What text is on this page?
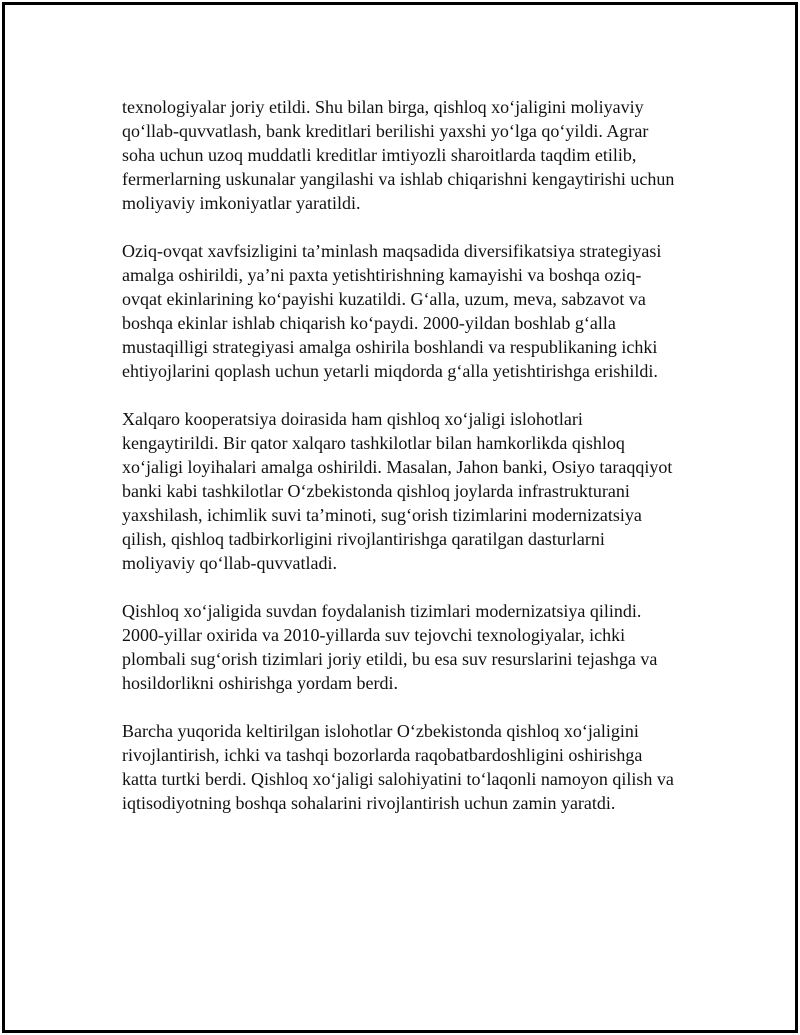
texnologiyalar joriy etildi. Shu bilan birga, qishloq xo‘jaligini moliyaviy
qo‘llab-quvvatlash, bank kreditlari berilishi yaxshi yo‘lga qo‘yildi. Agrar
soha uchun uzoq muddatli kreditlar imtiyozli sharoitlarda taqdim etilib,
fermerlarning uskunalar yangilashi va ishlab chiqarishni kengaytirishi uchun
moliyaviy imkoniyatlar yaratildi.

Oziq-ovqat xavfsizligini ta’minlash maqsadida diversifikatsiya strategiyasi
amalga oshirildi, ya’ni paxta yetishtirishning kamayishi va boshqa oziq-
ovqat ekinlarining ko‘payishi kuzatildi. G‘alla, uzum, meva, sabzavot va
boshqa ekinlar ishlab chiqarish ko‘paydi. 2000-yildan boshlab g‘alla
mustaqilligi strategiyasi amalga oshirila boshlandi va respublikaning ichki
ehtiyojlarini qoplash uchun yetarli miqdorda g‘alla yetishtirishga erishildi.

Xalqaro kooperatsiya doirasida ham qishloq xo‘jaligi islohotlari
kengaytirildi. Bir qator xalqaro tashkilotlar bilan hamkorlikda qishloq
xo‘jaligi loyihalari amalga oshirildi. Masalan, Jahon banki, Osiyo taraqqiyot
banki kabi tashkilotlar O‘zbekistonda qishloq joylarda infrastrukturani
yaxshilash, ichimlik suvi ta’minoti, sug‘orish tizimlarini modernizatsiya
qilish, qishloq tadbirkorligini rivojlantirishga qaratilgan dasturlarni
moliyaviy qo‘llab-quvvatladi.

Qishloq xo‘jaligida suvdan foydalanish tizimlari modernizatsiya qilindi.
2000-yillar oxirida va 2010-yillarda suv tejovchi texnologiyalar, ichki
plombali sug‘orish tizimlari joriy etildi, bu esa suv resurslarini tejashga va
hosildorlikni oshirishga yordam berdi.

Barcha yuqorida keltirilgan islohotlar O‘zbekistonda qishloq xo‘jaligini
rivojlantirish, ichki va tashqi bozorlarda raqobatbardoshligini oshirishga
katta turtki berdi. Qishloq xo‘jaligi salohiyatini to‘laqonli namoyon qilish va
iqtisodiyotning boshqa sohalarini rivojlantirish uchun zamin yaratdi.
